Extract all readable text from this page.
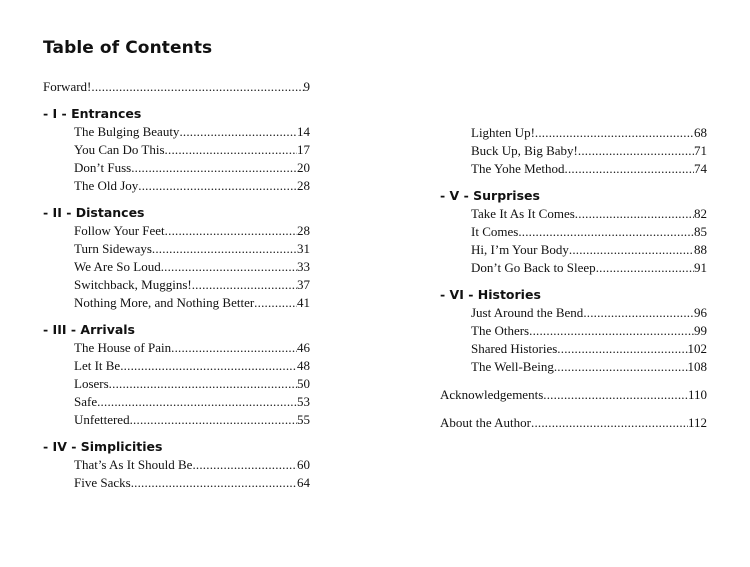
Table of Contents
Forward! .....	9
- I - Entrances
The Bulging Beauty .....	14
You Can Do This .....	17
Don’t Fuss .....	20
The Old Joy .....	28
- II - Distances
Follow Your Feet .....	28
Turn Sideways .....	31
We Are So Loud .....	33
Switchback, Muggins! .....	37
Nothing More, and Nothing Better .....	41
- III - Arrivals
The House of Pain .....	46
Let It Be .....	48
Losers .....	50
Safe .....	53
Unfettered .....	55
- IV - Simplicities
That’s As It Should Be .....	60
Five Sacks .....	64
Lighten Up! .....	68
Buck Up, Big Baby! .....	71
The Yohe Method .....	74
- V - Surprises
Take It As It Comes .....	82
It Comes .....	85
Hi, I’m Your Body .....	88
Don’t Go Back to Sleep .....	91
- VI - Histories
Just Around the Bend .....	96
The Others .....	99
Shared Histories .....	102
The Well-Being .....	108
Acknowledgements .....	110
About the Author .....	112
